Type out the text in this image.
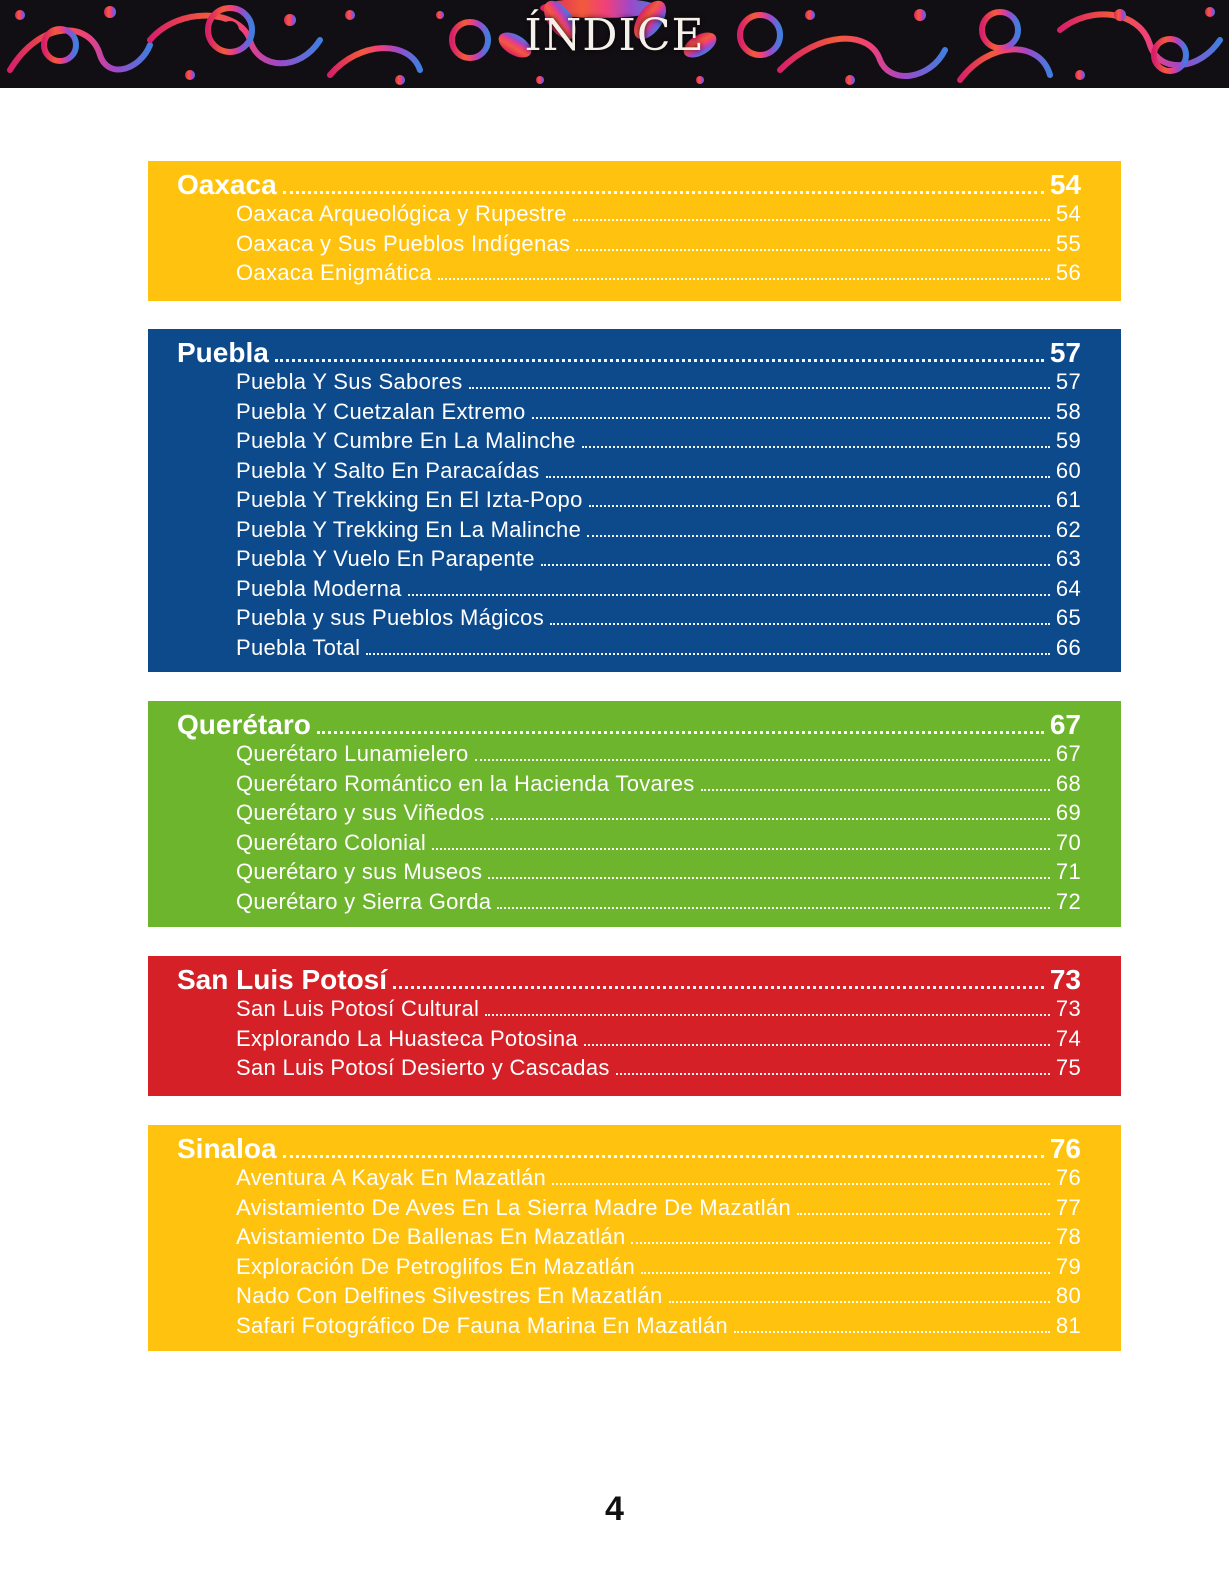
ÍNDICE
Oaxaca	54
Oaxaca Arqueológica y Rupestre	54
Oaxaca y Sus Pueblos Indígenas	55
Oaxaca Enigmática	56
Puebla	57
Puebla Y Sus Sabores	57
Puebla Y Cuetzalan Extremo	58
Puebla Y Cumbre En La Malinche	59
Puebla Y Salto En Paracaídas	60
Puebla Y Trekking En El Izta-Popo	61
Puebla Y Trekking En La Malinche	62
Puebla Y Vuelo En Parapente	63
Puebla Moderna	64
Puebla y sus Pueblos Mágicos	65
Puebla Total	66
Querétaro	67
Querétaro Lunamielero	67
Querétaro Romántico en la Hacienda Tovares	68
Querétaro y sus Viñedos	69
Querétaro Colonial	70
Querétaro y sus Museos	71
Querétaro y Sierra Gorda	72
San Luis Potosí	73
San Luis Potosí Cultural	73
Explorando La Huasteca Potosina	74
San Luis Potosí Desierto y Cascadas	75
Sinaloa	76
Aventura A Kayak En Mazatlán	76
Avistamiento De Aves En La Sierra Madre De Mazatlán	77
Avistamiento De Ballenas En Mazatlán	78
Exploración De Petroglifos En Mazatlán	79
Nado Con Delfines Silvestres En Mazatlán	80
Safari Fotográfico De Fauna Marina En Mazatlán	81
4
